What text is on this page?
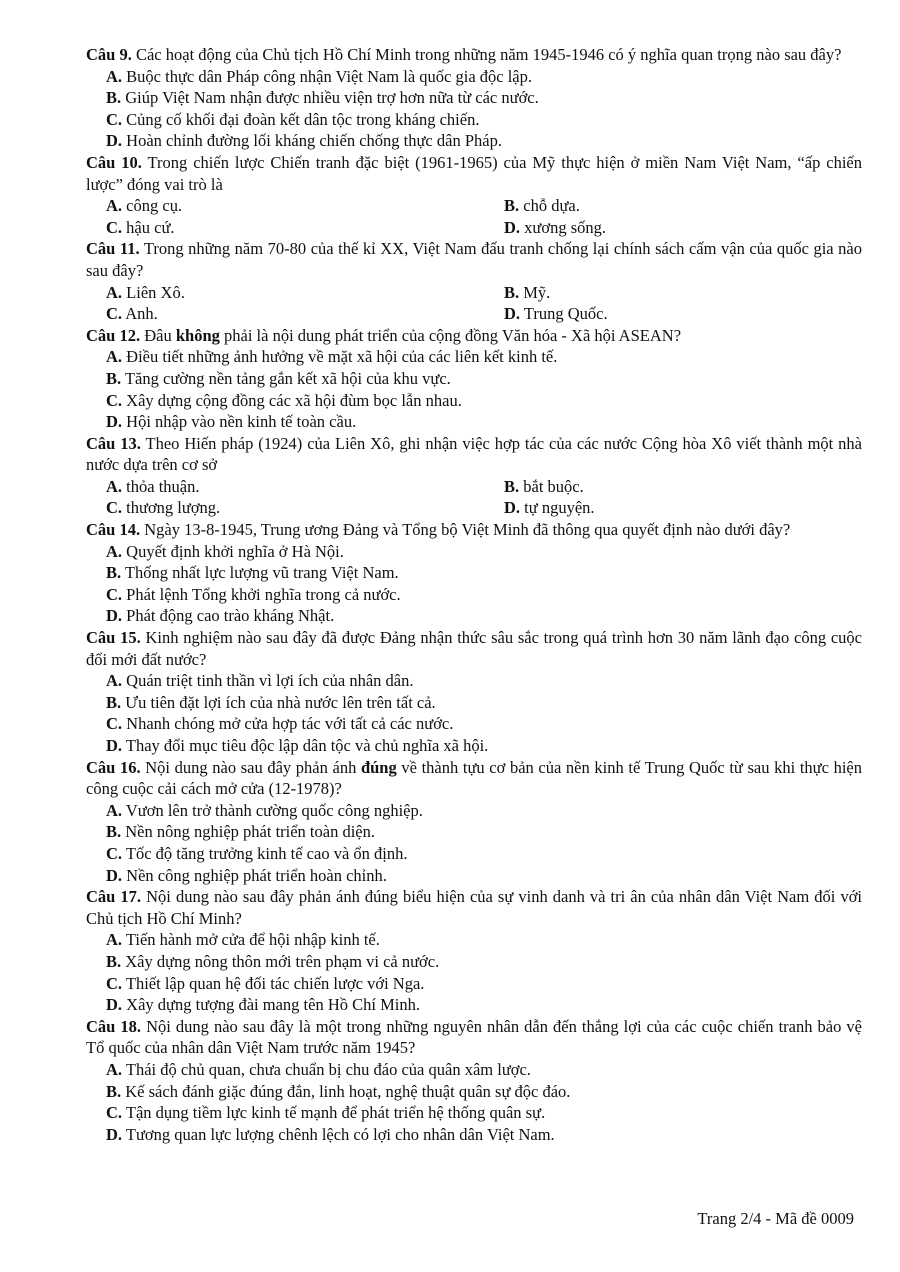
Câu 9. Các hoạt động của Chủ tịch Hồ Chí Minh trong những năm 1945-1946 có ý nghĩa quan trọng nào sau đây?

A. Buộc thực dân Pháp công nhận Việt Nam là quốc gia độc lập.
B. Giúp Việt Nam nhận được nhiều viện trợ hơn nữa từ các nước.
C. Củng cố khối đại đoàn kết dân tộc trong kháng chiến.
D. Hoàn chỉnh đường lối kháng chiến chống thực dân Pháp.

Câu 10. Trong chiến lược Chiến tranh đặc biệt (1961-1965) của Mỹ thực hiện ở miền Nam Việt Nam, “ấp chiến lược” đóng vai trò là

A. công cụ.	B. chỗ dựa.
C. hậu cứ.	D. xương sống.

Câu 11. Trong những năm 70-80 của thế kỉ XX, Việt Nam đấu tranh chống lại chính sách cấm vận của quốc gia nào sau đây?

A. Liên Xô.	B. Mỹ.
C. Anh.	D. Trung Quốc.

Câu 12. Đâu không phải là nội dung phát triển của cộng đồng Văn hóa - Xã hội ASEAN?

A. Điều tiết những ảnh hưởng về mặt xã hội của các liên kết kinh tế.
B. Tăng cường nền tảng gắn kết xã hội của khu vực.
C. Xây dựng cộng đồng các xã hội đùm bọc lẫn nhau.
D. Hội nhập vào nền kinh tế toàn cầu.

Câu 13. Theo Hiến pháp (1924) của Liên Xô, ghi nhận việc hợp tác của các nước Cộng hòa Xô viết thành một nhà nước dựa trên cơ sở

A. thỏa thuận.	B. bắt buộc.
C. thương lượng.	D. tự nguyện.

Câu 14. Ngày 13-8-1945, Trung ương Đảng và Tổng bộ Việt Minh đã thông qua quyết định nào dưới đây?

A. Quyết định khởi nghĩa ở Hà Nội.
B. Thống nhất lực lượng vũ trang Việt Nam.
C. Phát lệnh Tổng khởi nghĩa trong cả nước.
D. Phát động cao trào kháng Nhật.

Câu 15. Kinh nghiệm nào sau đây đã được Đảng nhận thức sâu sắc trong quá trình hơn 30 năm lãnh đạo công cuộc đổi mới đất nước?

A. Quán triệt tinh thần vì lợi ích của nhân dân.
B. Ưu tiên đặt lợi ích của nhà nước lên trên tất cả.
C. Nhanh chóng mở cửa hợp tác với tất cả các nước.
D. Thay đổi mục tiêu độc lập dân tộc và chủ nghĩa xã hội.

Câu 16. Nội dung nào sau đây phản ánh đúng về thành tựu cơ bản của nền kinh tế Trung Quốc từ sau khi thực hiện công cuộc cải cách mở cửa (12-1978)?

A. Vươn lên trở thành cường quốc công nghiệp.
B. Nền nông nghiệp phát triển toàn diện.
C. Tốc độ tăng trưởng kinh tế cao và ổn định.
D. Nền công nghiệp phát triển hoàn chỉnh.

Câu 17. Nội dung nào sau đây phản ánh đúng biểu hiện của sự vinh danh và tri ân của nhân dân Việt Nam đối với Chủ tịch Hồ Chí Minh?

A. Tiến hành mở cửa để hội nhập kinh tế.
B. Xây dựng nông thôn mới trên phạm vi cả nước.
C. Thiết lập quan hệ đối tác chiến lược với Nga.
D. Xây dựng tượng đài mang tên Hồ Chí Minh.

Câu 18. Nội dung nào sau đây là một trong những nguyên nhân dẫn đến thắng lợi của các cuộc chiến tranh bảo vệ Tổ quốc của nhân dân Việt Nam trước năm 1945?

A. Thái độ chủ quan, chưa chuẩn bị chu đáo của quân xâm lược.
B. Kế sách đánh giặc đúng đắn, linh hoạt, nghệ thuật quân sự độc đáo.
C. Tận dụng tiềm lực kinh tế mạnh để phát triển hệ thống quân sự.
D. Tương quan lực lượng chênh lệch có lợi cho nhân dân Việt Nam.
Trang 2/4 - Mã đề 0009
